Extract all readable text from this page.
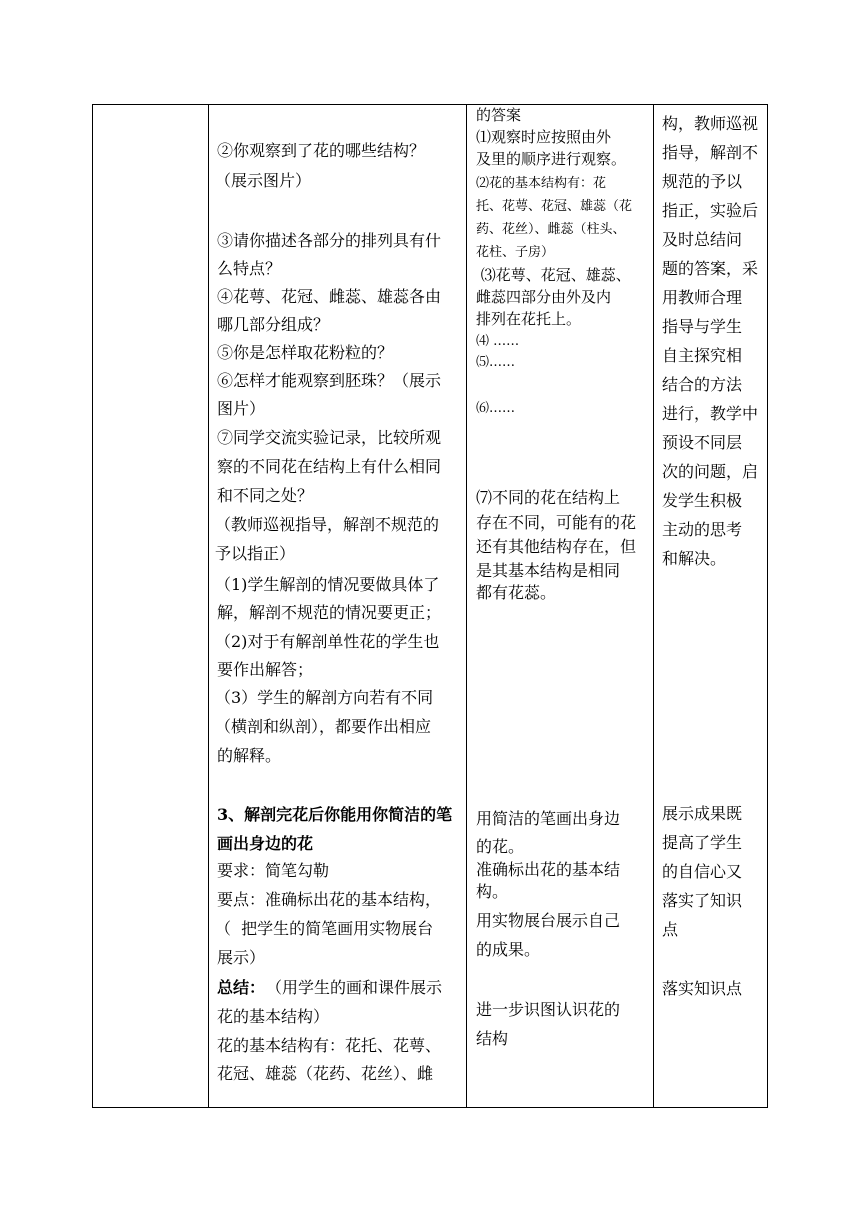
②你观察到了花的哪些结构？
（展示图片）
③请你描述各部分的排列具有什
么特点？
④花萼、花冠、雌蕊、雄蕊各由
哪几部分组成？
⑤你是怎样取花粉粒的？
⑥怎样才能观察到胚珠？（展示
图片）
⑦同学交流实验记录，比较所观
察的不同花在结构上有什么相同
和不同之处？
（教师巡视指导，解剖不规范的
予以指正）
（1)学生解剖的情况要做具体了
解，解剖不规范的情况要更正；
（2)对于有解剖单性花的学生也
要作出解答；
（3）学生的解剖方向若有不同
（横剖和纵剖），都要作出相应
的解释。
3、解剖完花后你能用你简洁的笔
画出身边的花
要求：简笔勾勒
要点：准确标出花的基本结构，
（  把学生的简笔画用实物展台
展示）
总结： （用学生的画和课件展示
花的基本结构）
花的基本结构有：花托、花萼、
花冠、雄蕊（花药、花丝）、雌
的答案
⑴观察时应按照由外
及里的顺序进行观察。
⑵花的基本结构有：花
托、花萼、花冠、雄蕊（花
药、花丝）、雌蕊（柱头、
花柱、子房）
⑶花萼、花冠、雄蕊、
雌蕊四部分由外及内
排列在花托上。
⑷ ……
⑸……
⑹……
⑺不同的花在结构上
存在不同，可能有的花
还有其他结构存在，但
是其基本结构是相同
都有花蕊。
用简洁的笔画出身边
的花。
准确标出花的基本结
构。
用实物展台展示自己
的成果。
进一步识图认识花的
结构
构，教师巡视
指导，解剖不
规范的予以
指正，实验后
及时总结问
题的答案，采
用教师合理
指导与学生
自主探究相
结合的方法
进行，教学中
预设不同层
次的问题，启
发学生积极
主动的思考
和解决。
展示成果既
提高了学生
的自信心又
落实了知识
点
落实知识点
